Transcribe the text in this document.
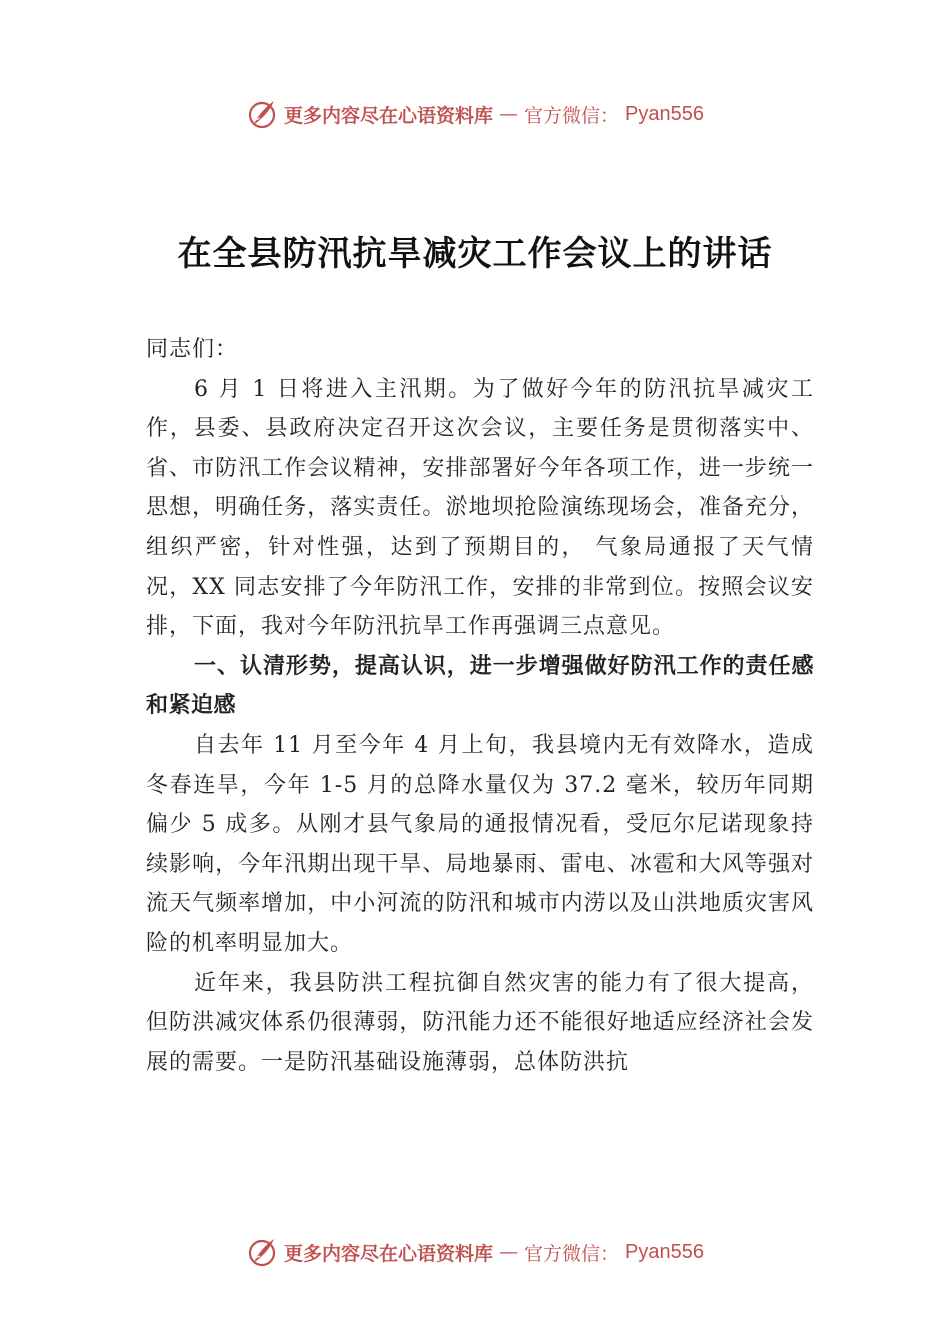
更多内容尽在心语资料库 — 官方微信： Pyan556
在全县防汛抗旱减灾工作会议上的讲话

同志们：

6 月 1 日将进入主汛期。为了做好今年的防汛抗旱减灾工作，县委、县政府决定召开这次会议，主要任务是贯彻落实中、省、市防汛工作会议精神，安排部署好今年各项工作，进一步统一思想，明确任务，落实责任。淤地坝抢险演练现场会，准备充分，组织严密，针对性强，达到了预期目的， 气象局通报了天气情况，XX 同志安排了今年防汛工作，安排的非常到位。按照会议安排，下面，我对今年防汛抗旱工作再强调三点意见。

一、认清形势，提高认识，进一步增强做好防汛工作的责任感和紧迫感

自去年 11 月至今年 4 月上旬，我县境内无有效降水，造成冬春连旱，今年 1-5 月的总降水量仅为 37.2 毫米，较历年同期偏少 5 成多。从刚才县气象局的通报情况看，受厄尔尼诺现象持续影响，今年汛期出现干旱、局地暴雨、雷电、冰雹和大风等强对流天气频率增加，中小河流的防汛和城市内涝以及山洪地质灾害风险的机率明显加大。

近年来，我县防洪工程抗御自然灾害的能力有了很大提高，但防洪减灾体系仍很薄弱，防汛能力还不能很好地适应经济社会发展的需要。一是防汛基础设施薄弱，总体防洪抗

更多内容尽在心语资料库 — 官方微信： Pyan556
